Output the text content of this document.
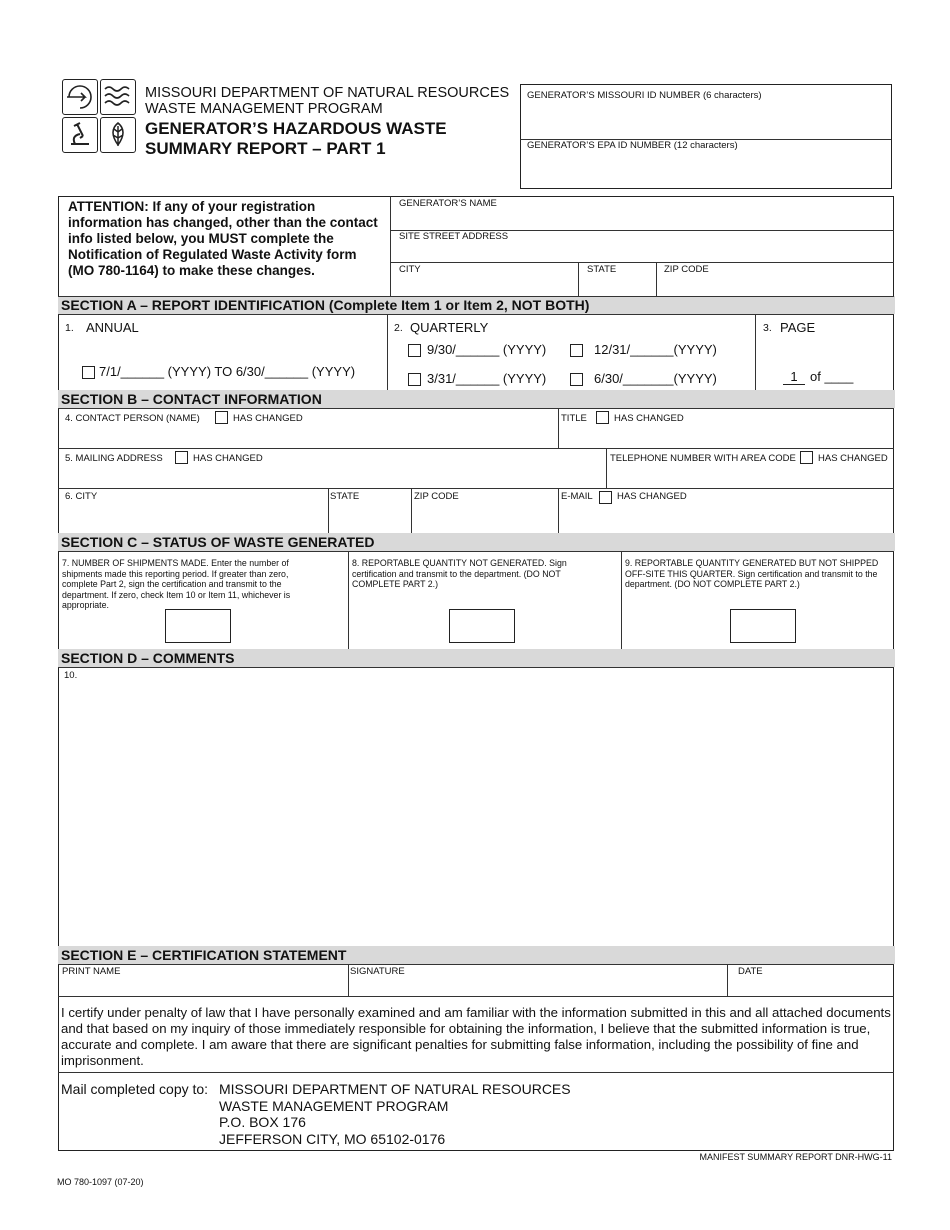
MISSOURI DEPARTMENT OF NATURAL RESOURCES
WASTE MANAGEMENT PROGRAM
GENERATOR’S HAZARDOUS WASTE
SUMMARY REPORT – PART 1
GENERATOR’S MISSOURI ID NUMBER (6 characters)
GENERATOR’S EPA ID NUMBER (12 characters)
ATTENTION: If any of your registration information has changed, other than the contact info listed below, you MUST complete the Notification of Regulated Waste Activity form (MO 780-1164) to make these changes.
GENERATOR’S NAME
SITE STREET ADDRESS
CITY	STATE	ZIP CODE
SECTION A – REPORT IDENTIFICATION (Complete Item 1 or Item 2, NOT BOTH)
1. ANNUAL
7/1/______ (YYYY) TO 6/30/______ (YYYY)
2. QUARTERLY
9/30/______ (YYYY)	12/31/______(YYYY)
3/31/______ (YYYY)	6/30/_______(YYYY)
3. PAGE
1 of ____
SECTION B – CONTACT INFORMATION
4. CONTACT PERSON (NAME)	HAS CHANGED	TITLE	HAS CHANGED
5. MAILING ADDRESS	HAS CHANGED	TELEPHONE NUMBER WITH AREA CODE HAS CHANGED
6. CITY	STATE	ZIP CODE	E-MAIL	HAS CHANGED
SECTION C – STATUS OF WASTE GENERATED
7. NUMBER OF SHIPMENTS MADE. Enter the number of shipments made this reporting period. If greater than zero, complete Part 2, sign the certification and transmit to the department. If zero, check Item 10 or Item 11, whichever is appropriate.
8. REPORTABLE QUANTITY NOT GENERATED. Sign certification and transmit to the department. (DO NOT COMPLETE PART 2.)
9. REPORTABLE QUANTITY GENERATED BUT NOT SHIPPED OFF-SITE THIS QUARTER. Sign certification and transmit to the department. (DO NOT COMPLETE PART 2.)
SECTION D – COMMENTS
10.
SECTION E – CERTIFICATION STATEMENT
PRINT NAME	SIGNATURE	DATE
I certify under penalty of law that I have personally examined and am familiar with the information submitted in this and all attached documents and that based on my inquiry of those immediately responsible for obtaining the information, I believe that the submitted information is true, accurate and complete. I am aware that there are significant penalties for submitting false information, including the possibility of fine and imprisonment.
Mail completed copy to: MISSOURI DEPARTMENT OF NATURAL RESOURCES
WASTE MANAGEMENT PROGRAM
P.O. BOX 176
JEFFERSON CITY, MO 65102-0176
MANIFEST SUMMARY REPORT DNR-HWG-11
MO 780-1097 (07-20)
